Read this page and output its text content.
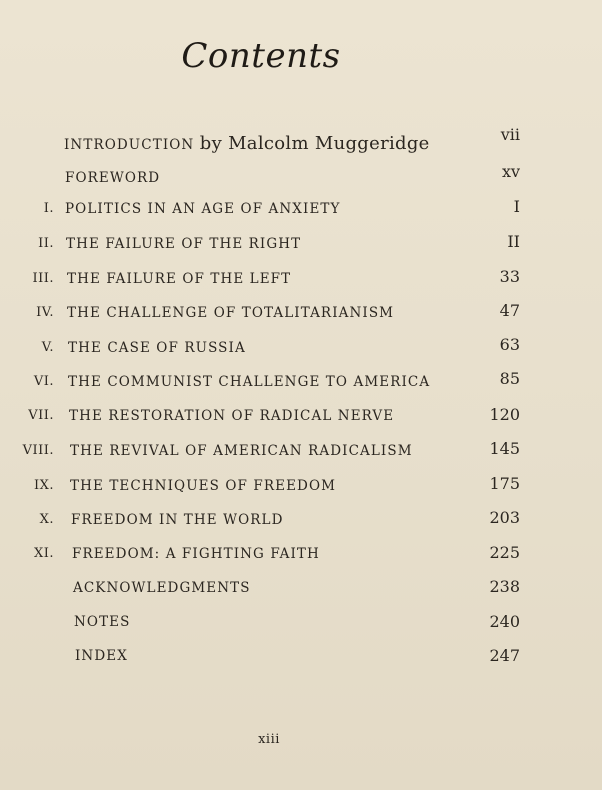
Contents
INTRODUCTION by Malcolm Muggeridge	vii
FOREWORD	xv
I. POLITICS IN AN AGE OF ANXIETY	I
II. THE FAILURE OF THE RIGHT	II
III. THE FAILURE OF THE LEFT	33
IV. THE CHALLENGE OF TOTALITARIANISM	47
V. THE CASE OF RUSSIA	63
VI. THE COMMUNIST CHALLENGE TO AMERICA	85
VII. THE RESTORATION OF RADICAL NERVE	120
VIII. THE REVIVAL OF AMERICAN RADICALISM	145
IX. THE TECHNIQUES OF FREEDOM	175
X. FREEDOM IN THE WORLD	203
XI. FREEDOM: A FIGHTING FAITH	225
ACKNOWLEDGMENTS	238
NOTES	240
INDEX	247
xiii
